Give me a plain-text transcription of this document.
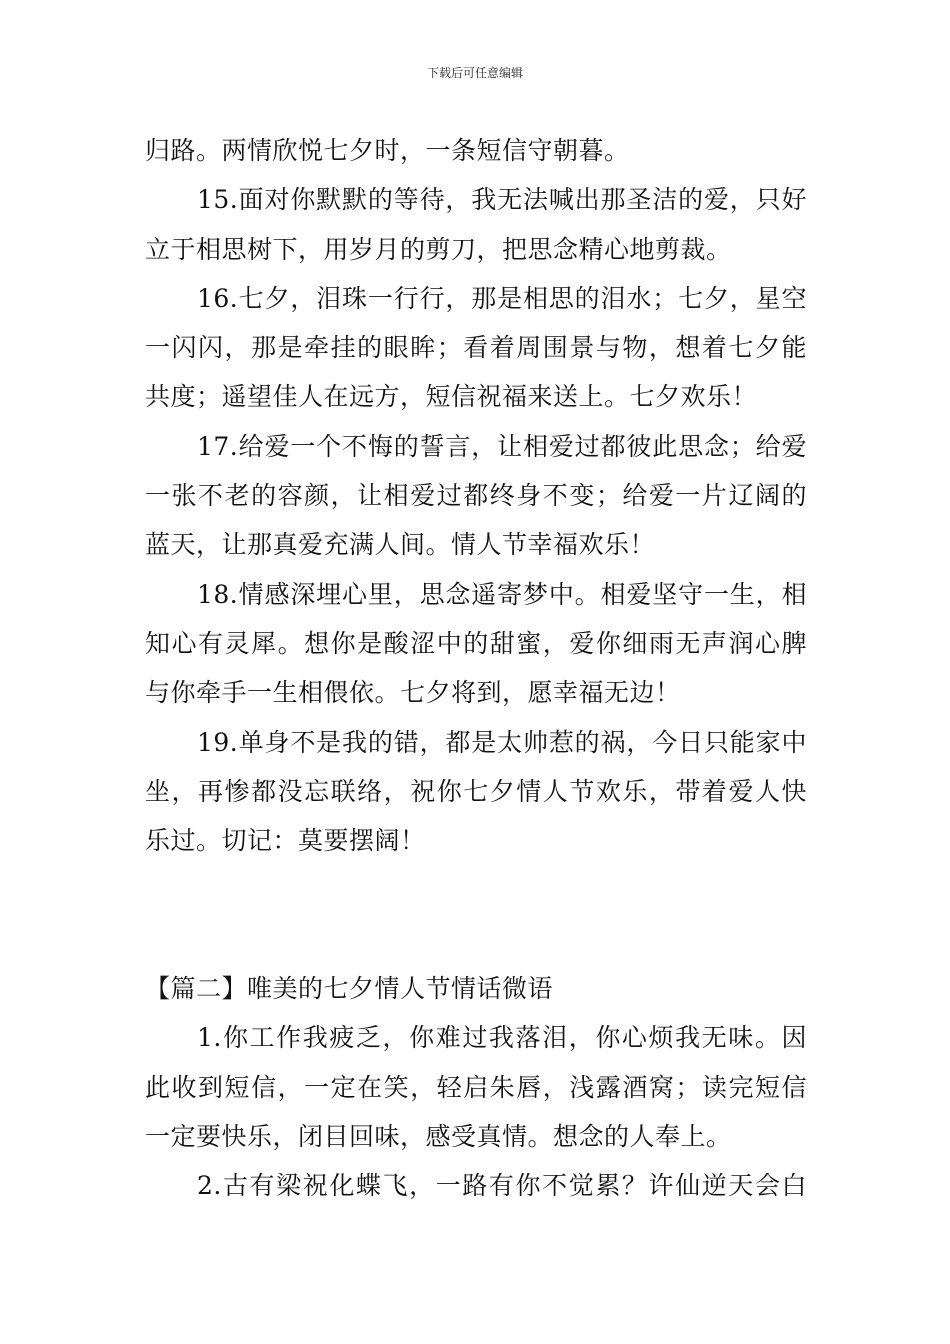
下载后可任意编辑
归路。两情欣悦七夕时，一条短信守朝暮。
15.面对你默默的等待，我无法喊出那圣洁的爱，只好
立于相思树下，用岁月的剪刀，把思念精心地剪裁。
16.七夕，泪珠一行行，那是相思的泪水；七夕，星空
一闪闪，那是牵挂的眼眸；看着周围景与物，想着七夕能
共度；遥望佳人在远方，短信祝福来送上。七夕欢乐！
17.给爱一个不悔的誓言，让相爱过都彼此思念；给爱
一张不老的容颜，让相爱过都终身不变；给爱一片辽阔的
蓝天，让那真爱充满人间。情人节幸福欢乐！
18.情感深埋心里，思念遥寄梦中。相爱坚守一生，相
知心有灵犀。想你是酸涩中的甜蜜，爱你细雨无声润心脾
与你牵手一生相偎依。七夕将到，愿幸福无边！
19.单身不是我的错，都是太帅惹的祸，今日只能家中
坐，再惨都没忘联络，祝你七夕情人节欢乐，带着爱人快
乐过。切记：莫要摆阔！
【篇二】唯美的七夕情人节情话微语
1.你工作我疲乏，你难过我落泪，你心烦我无味。因
此收到短信，一定在笑，轻启朱唇，浅露酒窝；读完短信
一定要快乐，闭目回味，感受真情。想念的人奉上。
2.古有梁祝化蝶飞，一路有你不觉累？许仙逆天会白
